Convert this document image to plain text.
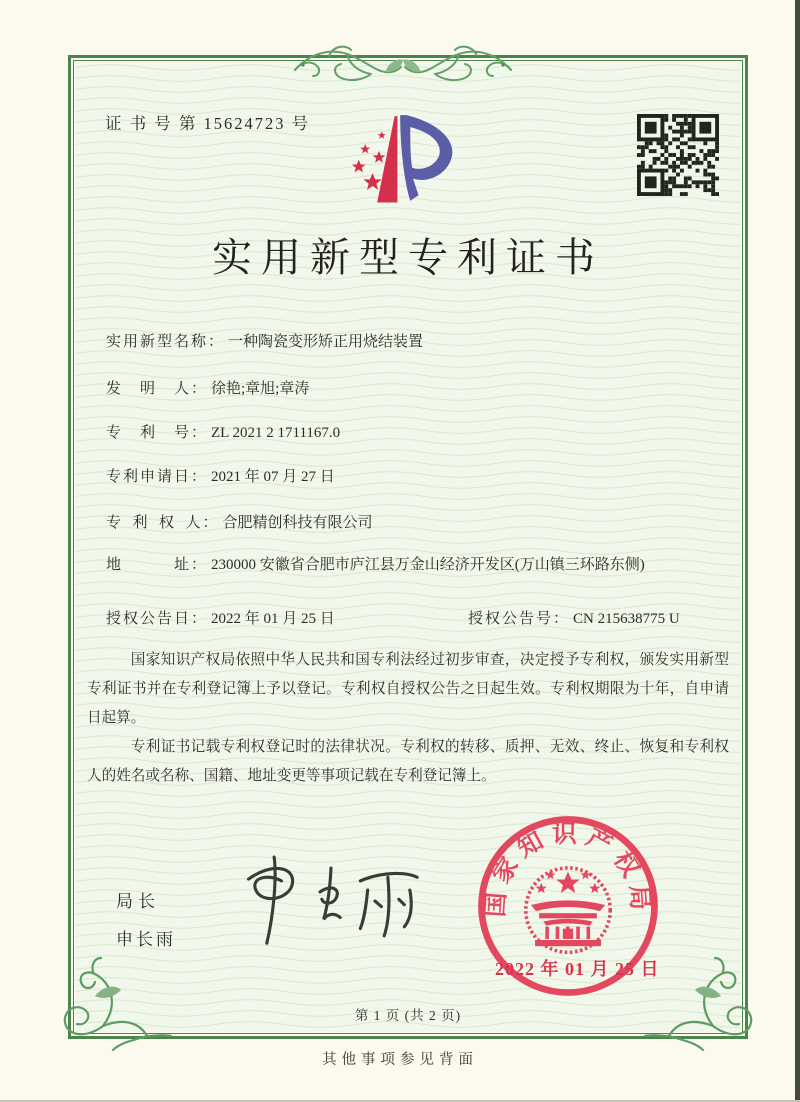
证 书 号 第 15624723 号
实用新型专利证书
实用新型名称： 一种陶瓷变形矫正用烧结装置
发　明　人： 徐艳;章旭;章涛
专　利　号： ZL 2021 2 1711167.0
专利申请日： 2021 年 07 月 27 日
专 利 权 人： 合肥精创科技有限公司
地　　　址： 230000 安徽省合肥市庐江县万金山经济开发区(万山镇三环路东侧)
授权公告日： 2022 年 01 月 25 日	授权公告号： CN 215638775 U

国家知识产权局依照中华人民共和国专利法经过初步审查，决定授予专利权，颁发实用新型专利证书并在专利登记簿上予以登记。专利权自授权公告之日起生效。专利权期限为十年，自申请日起算。

专利证书记载专利权登记时的法律状况。专利权的转移、质押、无效、终止、恢复和专利权人的姓名或名称、国籍、地址变更等事项记载在专利登记簿上。

局长
申长雨
国家知识产权局
2022 年 01 月 25 日
第 1 页 (共 2 页)
其他事项参见背面
